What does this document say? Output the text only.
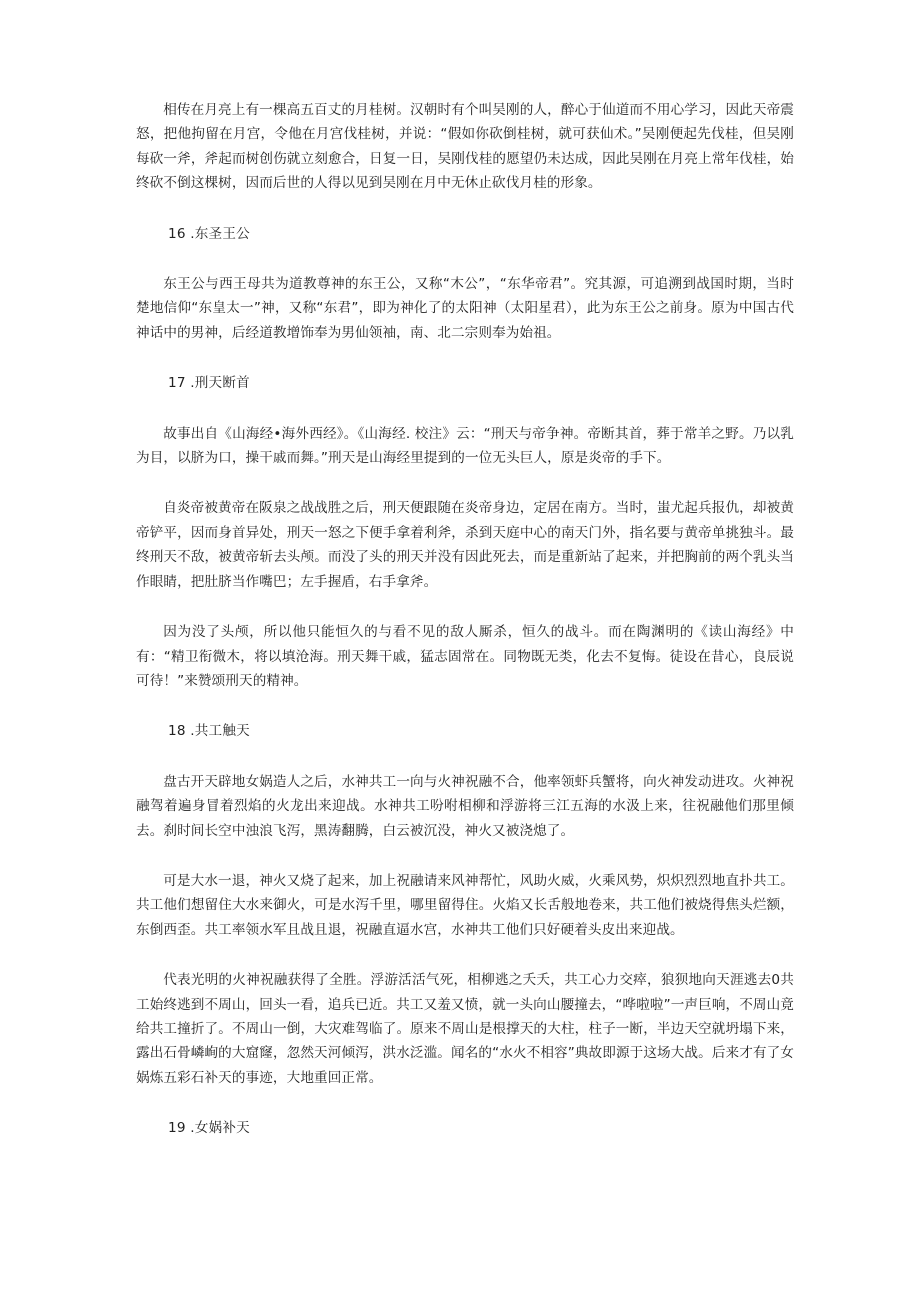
相传在月亮上有一棵高五百丈的月桂树。汉朝时有个叫吴刚的人，醉心于仙道而不用心学习，因此天帝震怒，把他拘留在月宫，令他在月宫伐桂树，并说：“假如你砍倒桂树，就可获仙术。”吴刚便起先伐桂，但吴刚每砍一斧，斧起而树创伤就立刻愈合，日复一日，吴刚伐桂的愿望仍未达成，因此吴刚在月亮上常年伐桂，始终砍不倒这棵树，因而后世的人得以见到吴刚在月中无休止砍伐月桂的形象。

16 .东圣王公

东王公与西王母共为道教尊神的东王公，又称“木公”，“东华帝君”。究其源，可追溯到战国时期，当时楚地信仰“东皇太一”神，又称“东君”，即为神化了的太阳神（太阳星君），此为东王公之前身。原为中国古代神话中的男神，后经道教增饰奉为男仙领袖，南、北二宗则奉为始祖。

17 .刑天断首

故事出自《山海经•海外西经》。《山海经. 校注》云：“刑天与帝争神。帝断其首，葬于常羊之野。乃以乳为目，以脐为口，操干戚而舞。”刑天是山海经里提到的一位无头巨人，原是炎帝的手下。

自炎帝被黄帝在阪泉之战战胜之后，刑天便跟随在炎帝身边，定居在南方。当时，蚩尤起兵报仇，却被黄帝铲平，因而身首异处，刑天一怒之下便手拿着利斧，杀到天庭中心的南天门外，指名要与黄帝单挑独斗。最终刑天不敌，被黄帝斩去头颅。而没了头的刑天并没有因此死去，而是重新站了起来，并把胸前的两个乳头当作眼睛，把肚脐当作嘴巴；左手握盾，右手拿斧。

因为没了头颅，所以他只能恒久的与看不见的敌人厮杀，恒久的战斗。而在陶渊明的《读山海经》中有：“精卫衔微木，将以填沧海。刑天舞干戚，猛志固常在。同物既无类，化去不复悔。徒设在昔心，良辰说可待！”来赞颂刑天的精神。

18 .共工触天

盘古开天辟地女娲造人之后，水神共工一向与火神祝融不合，他率领虾兵蟹将，向火神发动进攻。火神祝融驾着遍身冒着烈焰的火龙出来迎战。水神共工吩咐相柳和浮游将三江五海的水汲上来，往祝融他们那里倾去。刹时间长空中浊浪飞泻，黑涛翻腾，白云被沉没，神火又被浇熄了。

可是大水一退，神火又烧了起来，加上祝融请来风神帮忙，风助火威，火乘风势，炽炽烈烈地直扑共工。共工他们想留住大水来御火，可是水泻千里，哪里留得住。火焰又长舌般地卷来，共工他们被烧得焦头烂额，东倒西歪。共工率领水军且战且退，祝融直逼水宫，水神共工他们只好硬着头皮出来迎战。

代表光明的火神祝融获得了全胜。浮游活活气死，相柳逃之夭夭，共工心力交瘁，狼狈地向天涯逃去0共工始终逃到不周山，回头一看，追兵已近。共工又羞又愤，就一头向山腰撞去，“哗啦啦”一声巨响，不周山竟给共工撞折了。不周山一倒，大灾难驾临了。原来不周山是根撑天的大柱，柱子一断，半边天空就坍塌下来，露出石骨嶙峋的大窟窿，忽然天河倾泻，洪水泛滥。闻名的“水火不相容”典故即源于这场大战。后来才有了女娲炼五彩石补天的事迹，大地重回正常。

19 .女娲补天
